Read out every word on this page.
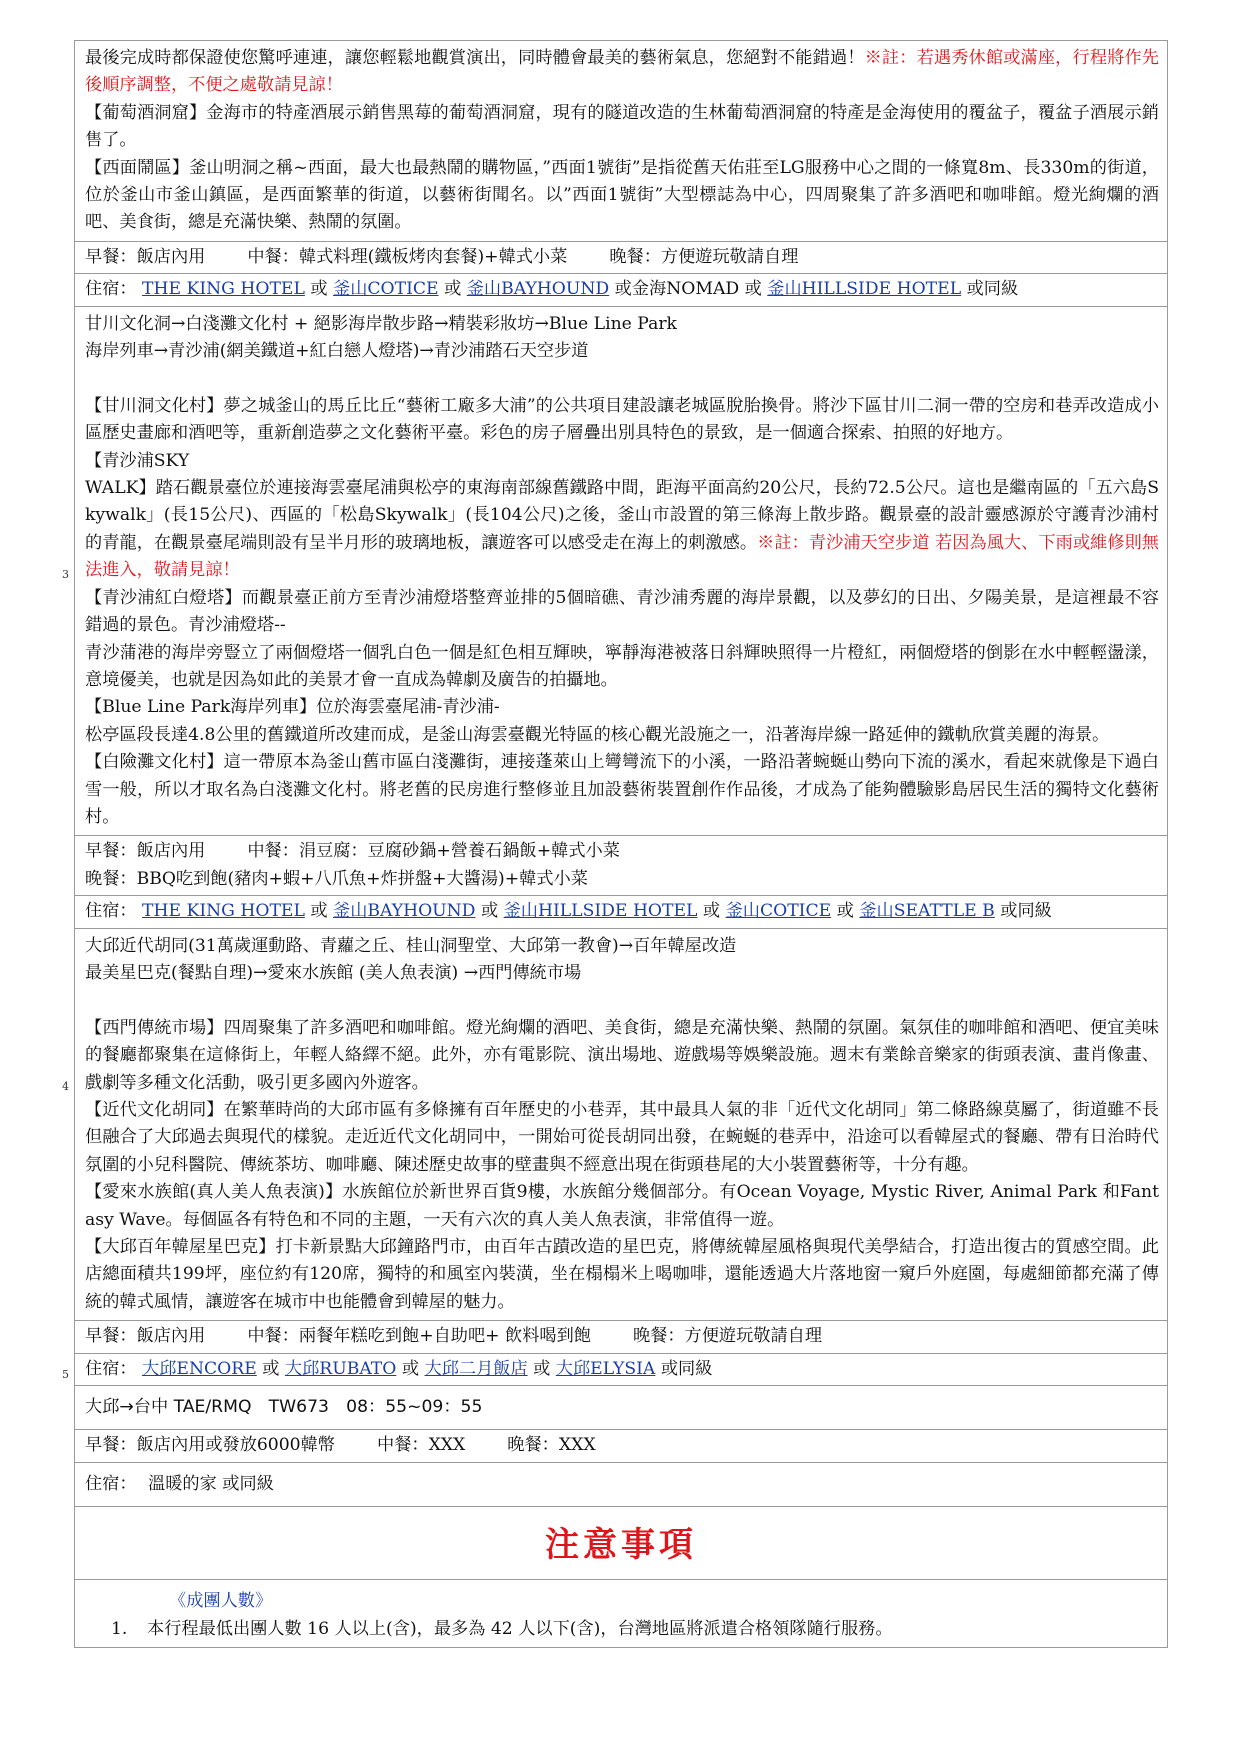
最後完成時都保證使您驚呼連連，讓您輕鬆地觀賞演出，同時體會最美的藝術氣息，您絕對不能錯過！※註：若遇秀休館或滿座，行程將作先後順序調整，不便之處敬請見諒！

【葡萄酒洞窟】金海市的特產酒展示銷售黑莓的葡萄酒洞窟，現有的隧道改造的生林葡萄酒洞窟的特產是金海使用的覆盆子，覆盆子酒展示銷售了。

【西面鬧區】釜山明洞之稱~西面，最大也最熱鬧的購物區，”西面1號街”是指從舊天佑莊至LG服務中心之間的一條寬8m、長330m的街道，位於釜山市釜山鎮區，是西面繁華的街道，以藝術街聞名。以”西面1號街”大型標誌為中心，四周聚集了許多酒吧和咖啡館。燈光絢爛的酒吧、美食街，總是充滿快樂、熱鬧的氛圍。

早餐：飯店內用 中餐：韓式料理(鐵板烤肉套餐)+韓式小菜 晚餐：方便遊玩敬請自理
住宿： THE KING HOTEL 或 釜山COTICE 或 釜山BAYHOUND 或金海NOMAD 或 釜山HILLSIDE HOTEL 或同級

甘川文化洞→白淺灘文化村 + 絕影海岸散步路→精裝彩妝坊→Blue Line Park

海岸列車→青沙浦(網美鐵道+紅白戀人燈塔)→青沙浦踏石天空步道

【甘川洞文化村】夢之城釜山的馬丘比丘“藝術工廠多大浦”的公共項目建設讓老城區脫胎換骨。將沙下區甘川二洞一帶的空房和巷弄改造成小區歷史畫廊和酒吧等，重新創造夢之文化藝術平臺。彩色的房子層疊出別具特色的景致，是一個適合探索、拍照的好地方。

【青沙浦SKY

WALK】踏石觀景臺位於連接海雲臺尾浦與松亭的東海南部線舊鐵路中間，距海平面高約20公尺，長約72.5公尺。這也是繼南區的「五六島Skywalk」(長15公尺)、西區的「松島Skywalk」(長104公尺)之後，釜山市設置的第三條海上散步路。觀景臺的設計靈感源於守護青沙浦村的青龍，在觀景臺尾端則設有呈半月形的玻璃地板，讓遊客可以感受走在海上的刺激感。※註：青沙浦天空步道 若因為風大、下雨或維修則無法進入，敬請見諒！

【青沙浦紅白燈塔】而觀景臺正前方至青沙浦燈塔整齊並排的5個暗礁、青沙浦秀麗的海岸景觀，以及夢幻的日出、夕陽美景，是這裡最不容錯過的景色。青沙浦燈塔--

青沙蒲港的海岸旁豎立了兩個燈塔一個乳白色一個是紅色相互輝映，寧靜海港被落日斜輝映照得一片橙紅，兩個燈塔的倒影在水中輕輕盪漾，意境優美，也就是因為如此的美景才會一直成為韓劇及廣告的拍攝地。

【Blue Line Park海岸列車】位於海雲臺尾浦-青沙浦-

松亭區段長達4.8公里的舊鐵道所改建而成，是釜山海雲臺觀光特區的核心觀光設施之一，沿著海岸線一路延伸的鐵軌欣賞美麗的海景。

【白險灘文化村】這一帶原本為釜山舊市區白淺灘街，連接蓬萊山上彎彎流下的小溪，一路沿著蜿蜒山勢向下流的溪水，看起來就像是下過白雪一般，所以才取名為白淺灘文化村。將老舊的民房進行整修並且加設藝術裝置創作作品後，才成為了能夠體驗影島居民生活的獨特文化藝術村。

早餐：飯店內用 中餐：涓豆腐：豆腐砂鍋+營養石鍋飯+韓式小菜
晚餐：BBQ吃到飽(豬肉+蝦+八爪魚+炸拼盤+大醬湯)+韓式小菜
住宿： THE KING HOTEL 或 釜山BAYHOUND 或 釜山HILLSIDE HOTEL 或 釜山COTICE 或 釜山SEATTLE B 或同級

大邱近代胡同(31萬歲運動路、青蘿之丘、桂山洞聖堂、大邱第一教會)→百年韓屋改造

最美星巴克(餐點自理)→愛來水族館 (美人魚表演) →西門傳統市場

【西門傳統市場】四周聚集了許多酒吧和咖啡館。燈光絢爛的酒吧、美食街，總是充滿快樂、熱鬧的氛圍。氣氛佳的咖啡館和酒吧、便宜美味的餐廳都聚集在這條街上，年輕人絡繹不絕。此外，亦有電影院、演出場地、遊戲場等娛樂設施。週末有業餘音樂家的街頭表演、畫肖像畫、戲劇等多種文化活動，吸引更多國內外遊客。

【近代文化胡同】在繁華時尚的大邱市區有多條擁有百年歷史的小巷弄，其中最具人氣的非「近代文化胡同」第二條路線莫屬了，街道雖不長但融合了大邱過去與現代的樣貌。走近近代文化胡同中，一開始可從長胡同出發，在蜿蜒的巷弄中，沿途可以看韓屋式的餐廳、帶有日治時代氛圍的小兒科醫院、傳統茶坊、咖啡廳、陳述歷史故事的壁畫與不經意出現在街頭巷尾的大小裝置藝術等，十分有趣。

【愛來水族館(真人美人魚表演)】水族館位於新世界百貨9樓，水族館分幾個部分。有Ocean Voyage, Mystic River, Animal Park 和Fantasy Wave。每個區各有特色和不同的主題，一天有六次的真人美人魚表演，非常值得一遊。

【大邱百年韓屋星巴克】打卡新景點大邱鐘路門市，由百年古蹟改造的星巴克，將傳統韓屋風格與現代美學結合，打造出復古的質感空間。此店總面積共199坪，座位約有120席，獨特的和風室內裝潢，坐在榻榻米上喝咖啡，還能透過大片落地窗一窺戶外庭園，每處細節都充滿了傳統的韓式風情，讓遊客在城市中也能體會到韓屋的魅力。

早餐：飯店內用 中餐：兩餐年糕吃到飽+自助吧+ 飲料喝到飽 晚餐：方便遊玩敬請自理
住宿： 大邱ENCORE 或 大邱RUBATO 或 大邱二月飯店 或 大邱ELYSIA 或同級
大邱→台中 TAE/RMQ　TW673　08：55~09：55
早餐：飯店內用或發放6000韓幣 中餐：XXX 晚餐：XXX
住宿： 溫暖的家 或同級
注意事項
《成團人數》
1. 本行程最低出團人數 16 人以上(含)，最多為 42 人以下(含)，台灣地區將派遣合格領隊隨行服務。
3
4
5
